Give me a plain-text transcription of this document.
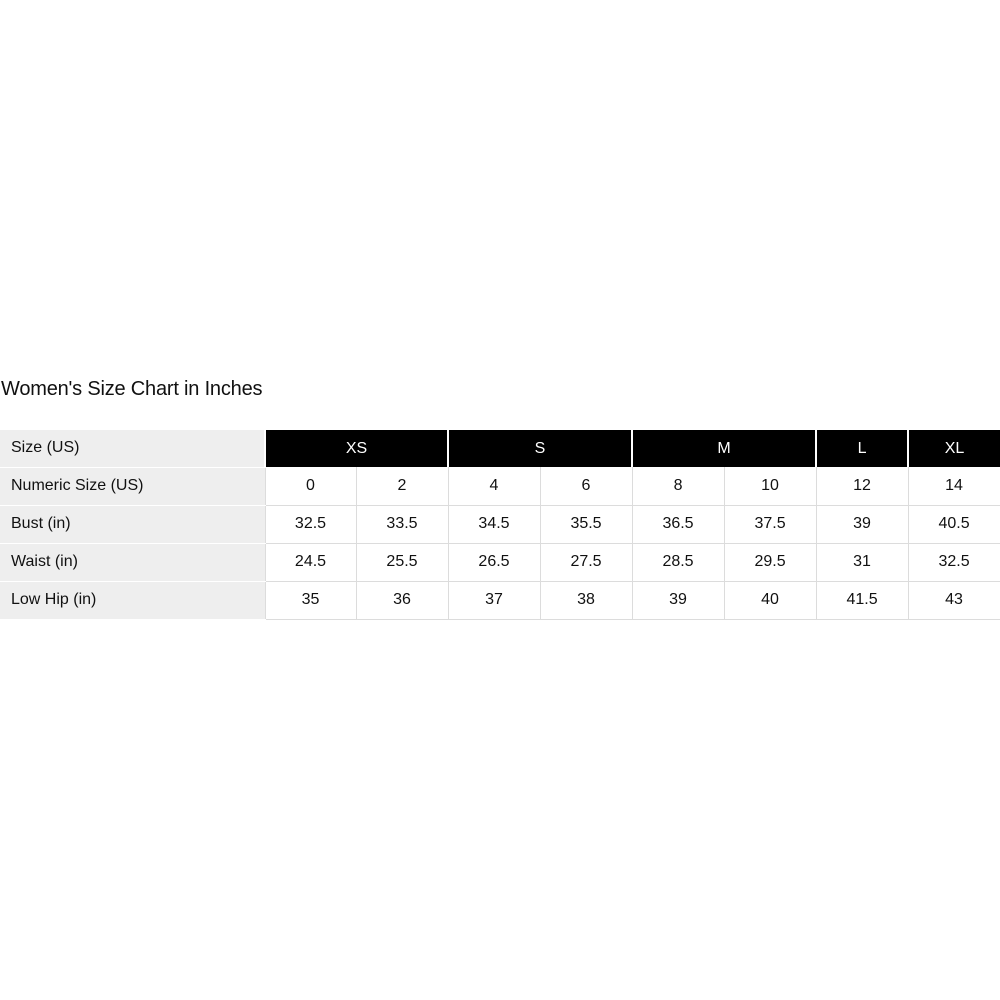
Women's Size Chart in Inches
Size (US)	XS		S		M		L	XL
Numeric Size (US)	0	2	4	6	8	10	12	14
Bust (in)	32.5	33.5	34.5	35.5	36.5	37.5	39	40.5
Waist (in)	24.5	25.5	26.5	27.5	28.5	29.5	31	32.5
Low Hip (in)	35	36	37	38	39	40	41.5	43
